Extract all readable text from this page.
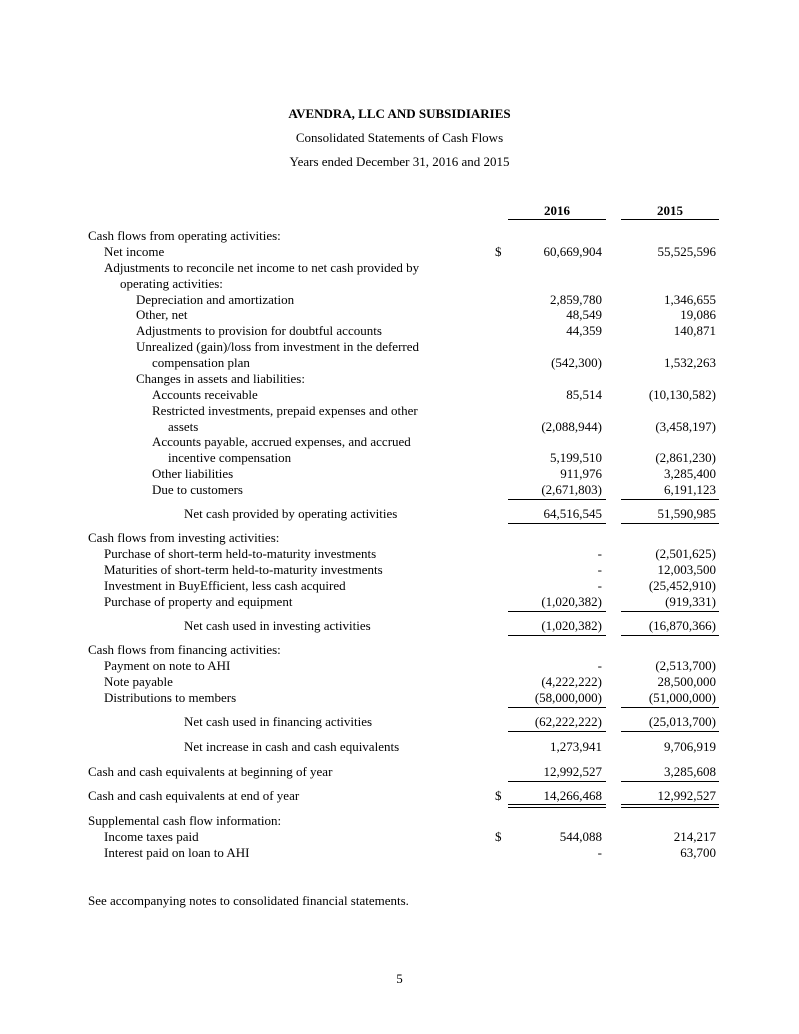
AVENDRA, LLC AND SUBSIDIARIES
Consolidated Statements of Cash Flows
Years ended December 31, 2016 and 2015
2016	2015
Cash flows from operating activities:
Net income	$	60,669,904	55,525,596
Adjustments to reconcile net income to net cash provided by
operating activities:
Depreciation and amortization	2,859,780	1,346,655
Other, net	48,549	19,086
Adjustments to provision for doubtful accounts	44,359	140,871
Unrealized (gain)/loss from investment in the deferred
compensation plan	(542,300)	1,532,263
Changes in assets and liabilities:
Accounts receivable	85,514	(10,130,582)
Restricted investments, prepaid expenses and other
assets	(2,088,944)	(3,458,197)
Accounts payable, accrued expenses, and accrued
incentive compensation	5,199,510	(2,861,230)
Other liabilities	911,976	3,285,400
Due to customers	(2,671,803)	6,191,123
Net cash provided by operating activities	64,516,545	51,590,985
Cash flows from investing activities:
Purchase of short-term held-to-maturity investments	-	(2,501,625)
Maturities of short-term held-to-maturity investments	-	12,003,500
Investment in BuyEfficient, less cash acquired	-	(25,452,910)
Purchase of property and equipment	(1,020,382)	(919,331)
Net cash used in investing activities	(1,020,382)	(16,870,366)
Cash flows from financing activities:
Payment on note to AHI	-	(2,513,700)
Note payable	(4,222,222)	28,500,000
Distributions to members	(58,000,000)	(51,000,000)
Net cash used in financing activities	(62,222,222)	(25,013,700)
Net increase in cash and cash equivalents	1,273,941	9,706,919
Cash and cash equivalents at beginning of year	12,992,527	3,285,608
Cash and cash equivalents at end of year	$	14,266,468	12,992,527
Supplemental cash flow information:
Income taxes paid	$	544,088	214,217
Interest paid on loan to AHI	-	63,700
See accompanying notes to consolidated financial statements.
5
